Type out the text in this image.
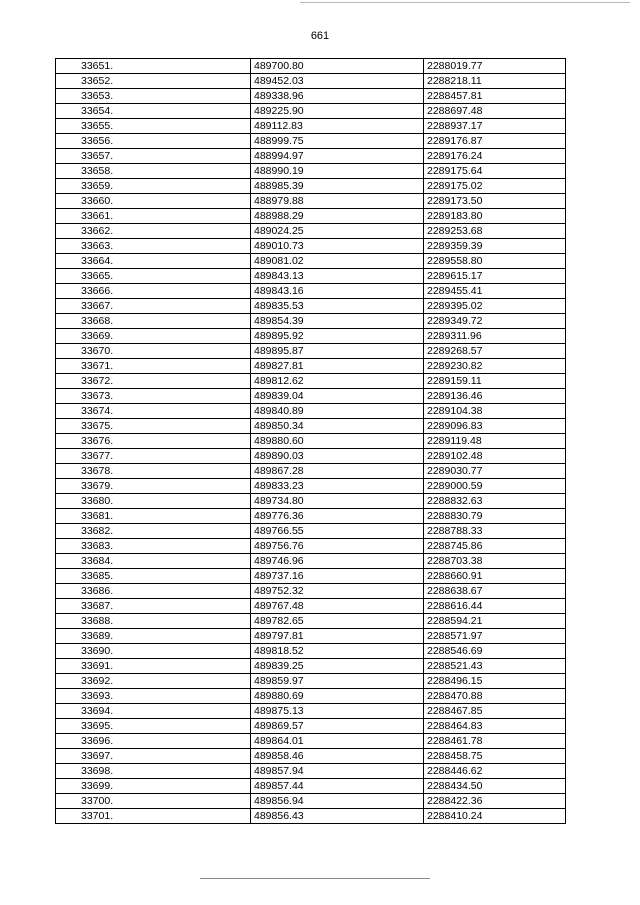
661
33651.	489700.80	2288019.77
33652.	489452.03	2288218.11
33653.	489338.96	2288457.81
33654.	489225.90	2288697.48
33655.	489112.83	2288937.17
33656.	488999.75	2289176.87
33657.	488994.97	2289176.24
33658.	488990.19	2289175.64
33659.	488985.39	2289175.02
33660.	488979.88	2289173.50
33661.	488988.29	2289183.80
33662.	489024.25	2289253.68
33663.	489010.73	2289359.39
33664.	489081.02	2289558.80
33665.	489843.13	2289615.17
33666.	489843.16	2289455.41
33667.	489835.53	2289395.02
33668.	489854.39	2289349.72
33669.	489895.92	2289311.96
33670.	489895.87	2289268.57
33671.	489827.81	2289230.82
33672.	489812.62	2289159.11
33673.	489839.04	2289136.46
33674.	489840.89	2289104.38
33675.	489850.34	2289096.83
33676.	489880.60	2289119.48
33677.	489890.03	2289102.48
33678.	489867.28	2289030.77
33679.	489833.23	2289000.59
33680.	489734.80	2288832.63
33681.	489776.36	2288830.79
33682.	489766.55	2288788.33
33683.	489756.76	2288745.86
33684.	489746.96	2288703.38
33685.	489737.16	2288660.91
33686.	489752.32	2288638.67
33687.	489767.48	2288616.44
33688.	489782.65	2288594.21
33689.	489797.81	2288571.97
33690.	489818.52	2288546.69
33691.	489839.25	2288521.43
33692.	489859.97	2288496.15
33693.	489880.69	2288470.88
33694.	489875.13	2288467.85
33695.	489869.57	2288464.83
33696.	489864.01	2288461.78
33697.	489858.46	2288458.75
33698.	489857.94	2288446.62
33699.	489857.44	2288434.50
33700.	489856.94	2288422.36
33701.	489856.43	2288410.24
